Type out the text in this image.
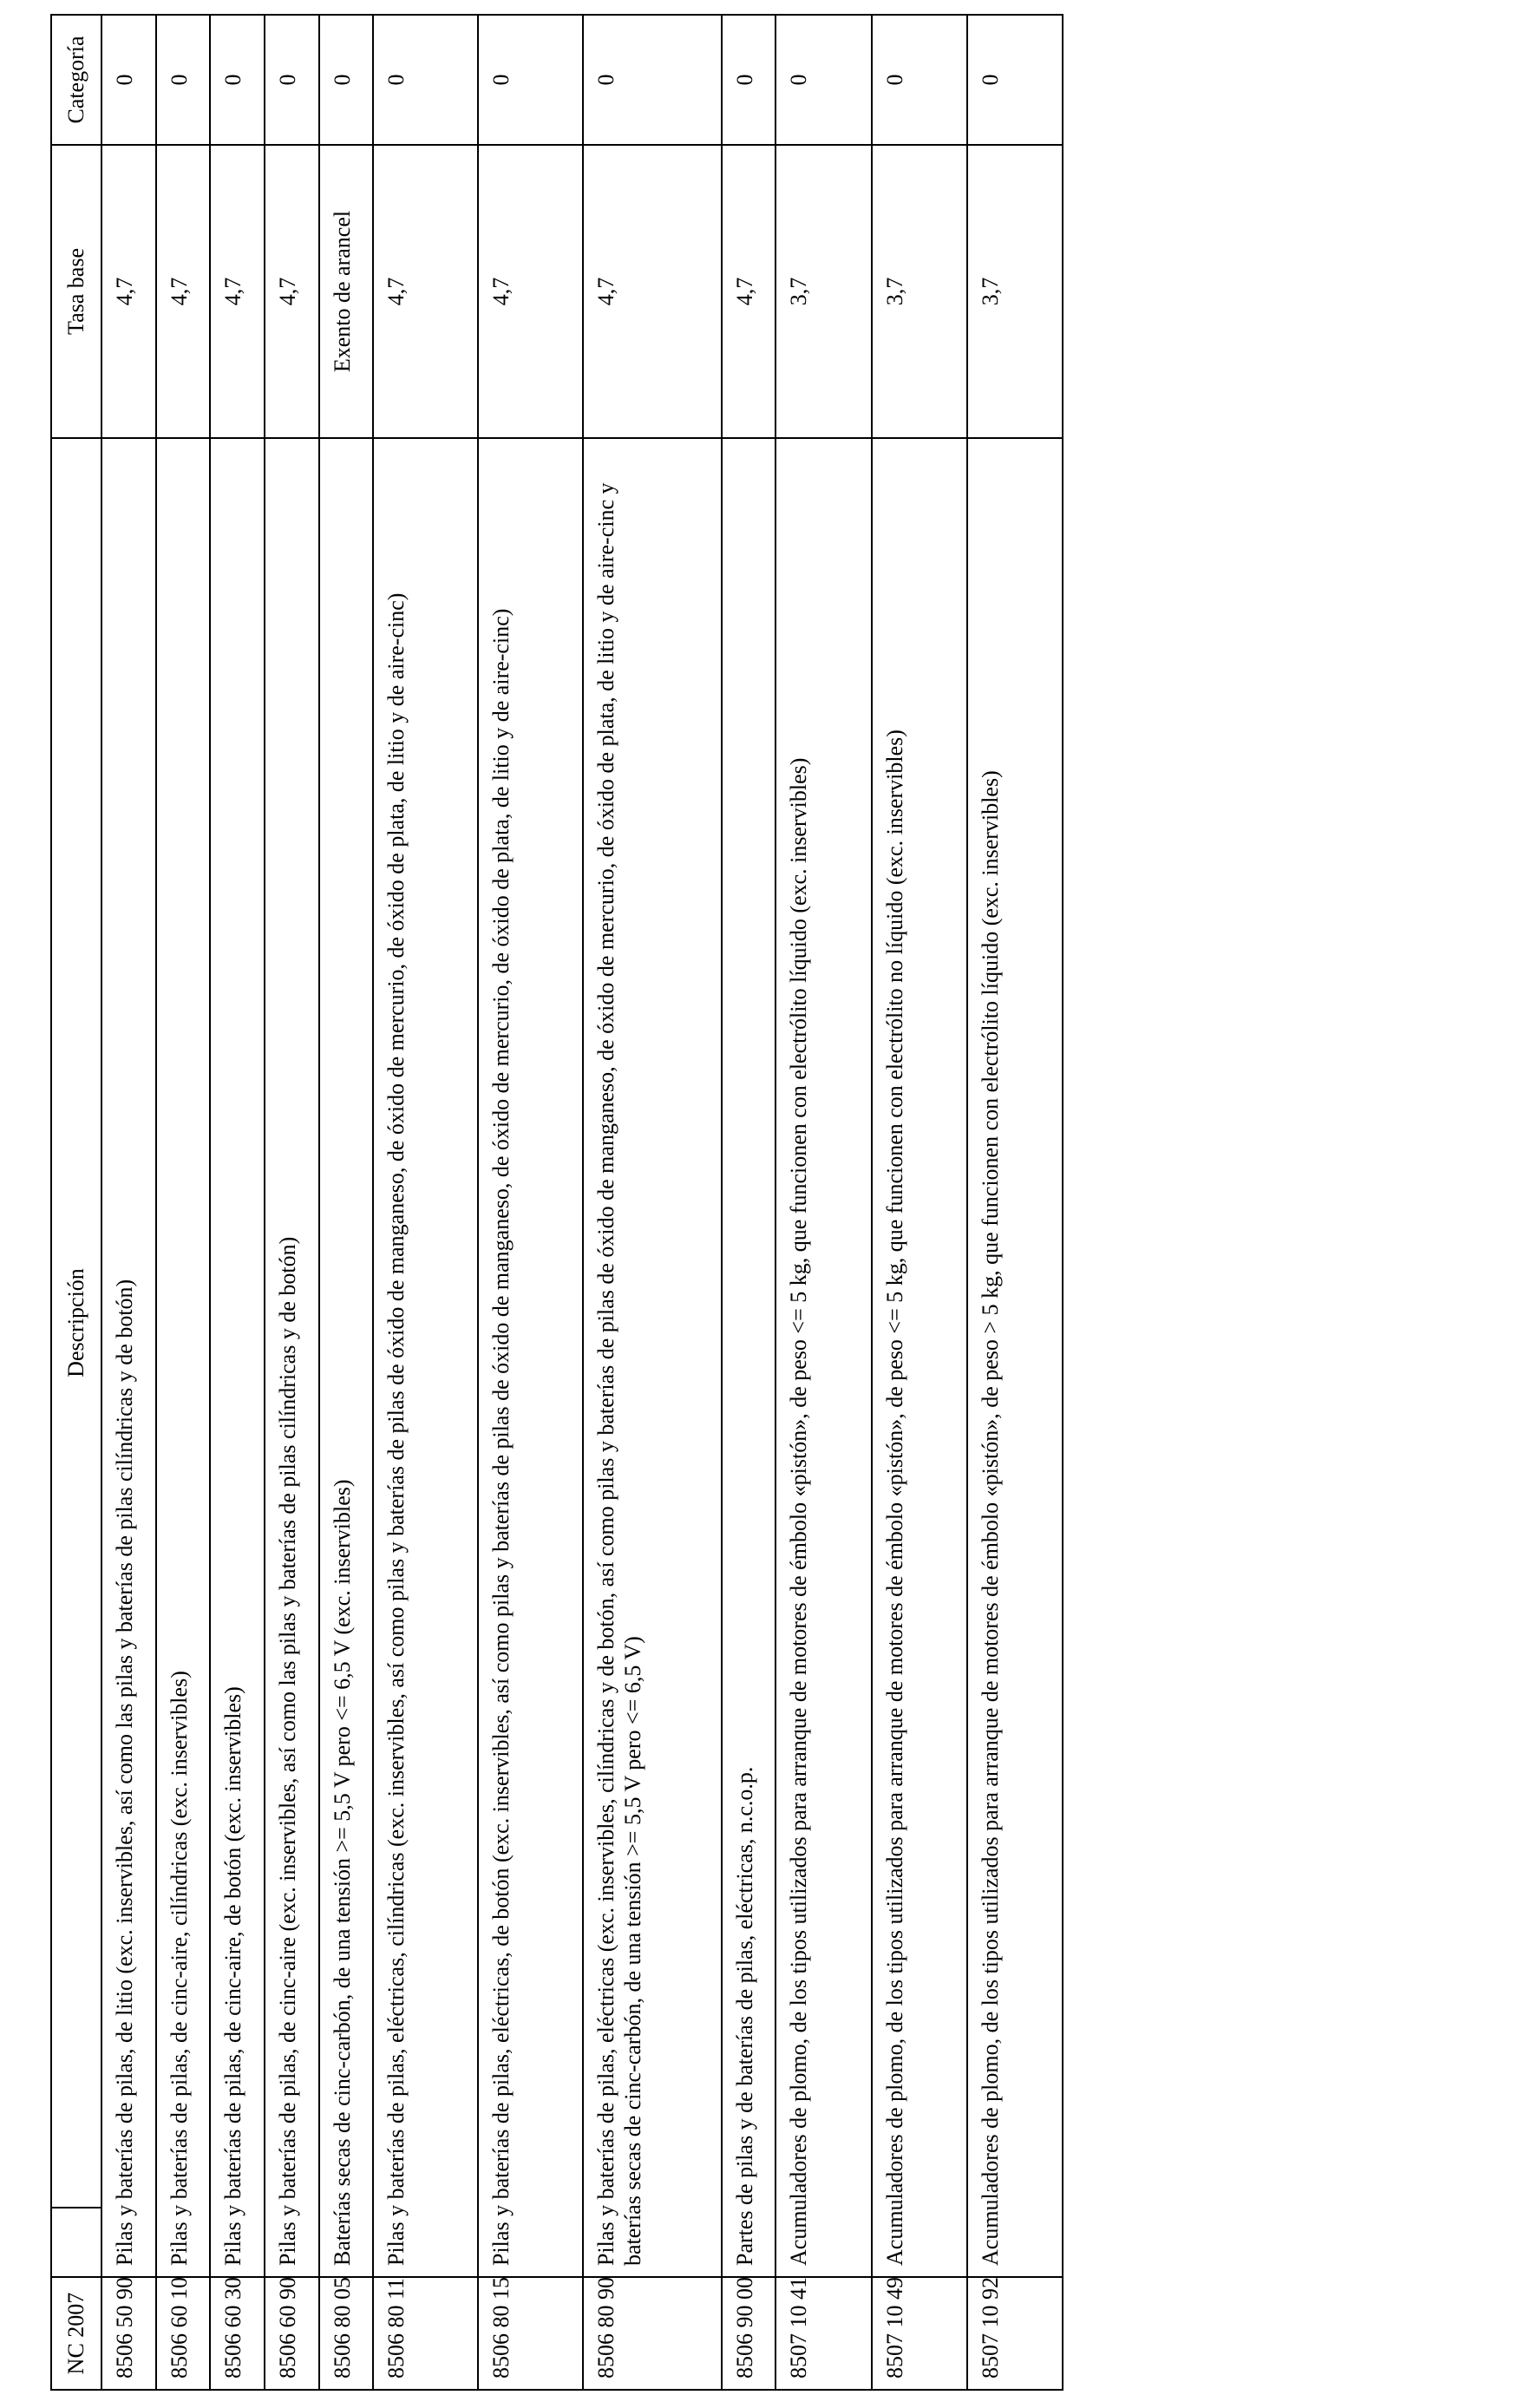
NC 2007		Descripción	Tasa base	Categoría
8506 50 90	Pilas y baterías de pilas, de litio (exc. inservibles, así como las pilas y baterías de pilas cilíndricas y de botón)		4,7	0
8506 60 10	Pilas y baterías de pilas, de cinc-aire, cilíndricas (exc. inservibles)		4,7	0
8506 60 30	Pilas y baterías de pilas, de cinc-aire, de botón (exc. inservibles)		4,7	0
8506 60 90	Pilas y baterías de pilas, de cinc-aire (exc. inservibles, así como las pilas y baterías de pilas cilíndricas y de botón)		4,7	0
8506 80 05	Baterías secas de cinc-carbón, de una tensión >= 5,5 V pero <= 6,5 V (exc. inservibles)		Exento de arancel	0
8506 80 11	Pilas y baterías de pilas, eléctricas, cilíndricas (exc. inservibles, así como pilas y baterías de pilas de óxido de manganeso, de óxido de mercurio, de óxido de plata, de litio y de aire-cinc)		4,7	0
8506 80 15	Pilas y baterías de pilas, eléctricas, de botón (exc. inservibles, así como pilas y baterías de pilas de óxido de manganeso, de óxido de mercurio, de óxido de plata, de litio y de aire-cinc)		4,7	0
8506 80 90	Pilas y baterías de pilas, eléctricas (exc. inservibles, cilíndricas y de botón, así como pilas y baterías de pilas de óxido de manganeso, de óxido de mercurio, de óxido de plata, de litio y de aire-cinc y baterías secas de cinc-carbón, de una tensión >= 5,5 V pero <= 6,5 V)		4,7	0
8506 90 00	Partes de pilas y de baterías de pilas, eléctricas, n.c.o.p.		4,7	0
8507 10 41	Acumuladores de plomo, de los tipos utilizados para arranque de motores de émbolo «pistón», de peso <= 5 kg, que funcionen con electrólito líquido (exc. inservibles)		3,7	0
8507 10 49	Acumuladores de plomo, de los tipos utilizados para arranque de motores de émbolo «pistón», de peso <= 5 kg, que funcionen con electrólito no líquido (exc. inservibles)		3,7	0
8507 10 92	Acumuladores de plomo, de los tipos utilizados para arranque de motores de émbolo «pistón», de peso > 5 kg, que funcionen con electrólito líquido (exc. inservibles)		3,7	0
